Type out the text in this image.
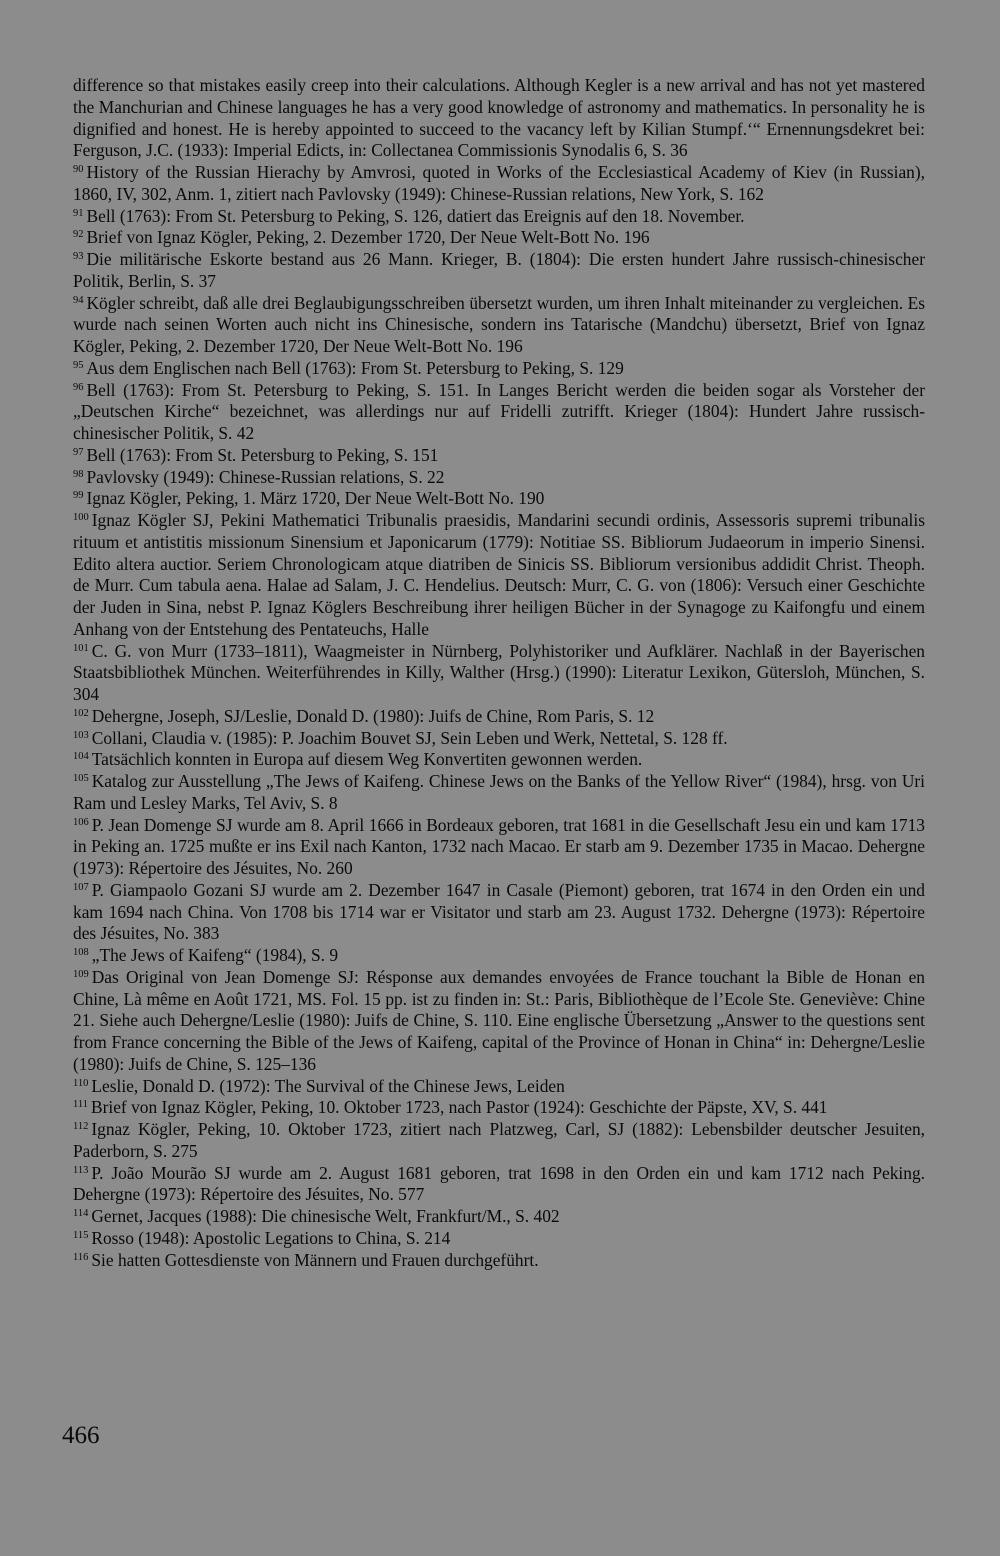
difference so that mistakes easily creep into their calculations. Although Kegler is a new arrival and has not yet mastered the Manchurian and Chinese languages he has a very good knowledge of astronomy and mathematics. In personality he is dignified and honest. He is hereby appointed to succeed to the vacancy left by Kilian Stumpf.‘“ Ernennungsdekret bei: Ferguson, J.C. (1933): Imperial Edicts, in: Collectanea Commissionis Synodalis 6, S. 36

$^{90}$ History of the Russian Hierachy by Amvrosi, quoted in Works of the Ecclesiastical Academy of Kiev (in Russian), 1860, IV, 302, Anm. 1, zitiert nach Pavlovsky (1949): Chinese-Russian relations, New York, S. 162

$^{91}$ Bell (1763): From St. Petersburg to Peking, S. 126, datiert das Ereignis auf den 18. November.

$^{92}$ Brief von Ignaz Kögler, Peking, 2. Dezember 1720, Der Neue Welt-Bott No. 196

$^{93}$ Die militärische Eskorte bestand aus 26 Mann. Krieger, B. (1804): Die ersten hundert Jahre russisch-chinesischer Politik, Berlin, S. 37

$^{94}$ Kögler schreibt, daß alle drei Beglaubigungsschreiben übersetzt wurden, um ihren Inhalt miteinander zu vergleichen. Es wurde nach seinen Worten auch nicht ins Chinesische, sondern ins Tatarische (Mandchu) übersetzt, Brief von Ignaz Kögler, Peking, 2. Dezember 1720, Der Neue Welt-Bott No. 196

$^{95}$ Aus dem Englischen nach Bell (1763): From St. Petersburg to Peking, S. 129

$^{96}$ Bell (1763): From St. Petersburg to Peking, S. 151. In Langes Bericht werden die beiden sogar als Vorsteher der „Deutschen Kirche“ bezeichnet, was allerdings nur auf Fridelli zutrifft. Krieger (1804): Hundert Jahre russisch-chinesischer Politik, S. 42

$^{97}$ Bell (1763): From St. Petersburg to Peking, S. 151

$^{98}$ Pavlovsky (1949): Chinese-Russian relations, S. 22

$^{99}$ Ignaz Kögler, Peking, 1. März 1720, Der Neue Welt-Bott No. 190

$^{100}$ Ignaz Kögler SJ, Pekini Mathematici Tribunalis praesidis, Mandarini secundi ordinis, Assessoris supremi tribunalis rituum et antistitis missionum Sinensium et Japonicarum (1779): Notitiae SS. Bibliorum Judaeorum in imperio Sinensi. Edito altera auctior. Seriem Chronologicam atque diatriben de Sinicis SS. Bibliorum versionibus addidit Christ. Theoph. de Murr. Cum tabula aena. Halae ad Salam, J. C. Hendelius. Deutsch: Murr, C. G. von (1806): Versuch einer Geschichte der Juden in Sina, nebst P. Ignaz Köglers Beschreibung ihrer heiligen Bücher in der Synagoge zu Kaifongfu und einem Anhang von der Entstehung des Pentateuchs, Halle

$^{101}$ C. G. von Murr (1733–1811), Waagmeister in Nürnberg, Polyhistoriker und Aufklärer. Nachlaß in der Bayerischen Staatsbibliothek München. Weiterführendes in Killy, Walther (Hrsg.) (1990): Literatur Lexikon, Gütersloh, München, S. 304

$^{102}$ Dehergne, Joseph, SJ/Leslie, Donald D. (1980): Juifs de Chine, Rom Paris, S. 12

$^{103}$ Collani, Claudia v. (1985): P. Joachim Bouvet SJ, Sein Leben und Werk, Nettetal, S. 128 ff.

$^{104}$ Tatsächlich konnten in Europa auf diesem Weg Konvertiten gewonnen werden.

$^{105}$ Katalog zur Ausstellung „The Jews of Kaifeng. Chinese Jews on the Banks of the Yellow River“ (1984), hrsg. von Uri Ram und Lesley Marks, Tel Aviv, S. 8

$^{106}$ P. Jean Domenge SJ wurde am 8. April 1666 in Bordeaux geboren, trat 1681 in die Gesellschaft Jesu ein und kam 1713 in Peking an. 1725 mußte er ins Exil nach Kanton, 1732 nach Macao. Er starb am 9. Dezember 1735 in Macao. Dehergne (1973): Répertoire des Jésuites, No. 260

$^{107}$ P. Giampaolo Gozani SJ wurde am 2. Dezember 1647 in Casale (Piemont) geboren, trat 1674 in den Orden ein und kam 1694 nach China. Von 1708 bis 1714 war er Visitator und starb am 23. August 1732. Dehergne (1973): Répertoire des Jésuites, No. 383

$^{108}$ „The Jews of Kaifeng“ (1984), S. 9

$^{109}$ Das Original von Jean Domenge SJ: Résponse aux demandes envoyées de France touchant la Bible de Honan en Chine, Là même en Août 1721, MS. Fol. 15 pp. ist zu finden in: St.: Paris, Bibliothèque de l’Ecole Ste. Geneviève: Chine 21. Siehe auch Dehergne/Leslie (1980): Juifs de Chine, S. 110. Eine englische Übersetzung „Answer to the questions sent from France concerning the Bible of the Jews of Kaifeng, capital of the Province of Honan in China“ in: Dehergne/Leslie (1980): Juifs de Chine, S. 125–136

$^{110}$ Leslie, Donald D. (1972): The Survival of the Chinese Jews, Leiden

$^{111}$ Brief von Ignaz Kögler, Peking, 10. Oktober 1723, nach Pastor (1924): Geschichte der Päpste, XV, S. 441

$^{112}$ Ignaz Kögler, Peking, 10. Oktober 1723, zitiert nach Platzweg, Carl, SJ (1882): Lebensbilder deutscher Jesuiten, Paderborn, S. 275

$^{113}$ P. João Mourão SJ wurde am 2. August 1681 geboren, trat 1698 in den Orden ein und kam 1712 nach Peking. Dehergne (1973): Répertoire des Jésuites, No. 577

$^{114}$ Gernet, Jacques (1988): Die chinesische Welt, Frankfurt/M., S. 402

$^{115}$ Rosso (1948): Apostolic Legations to China, S. 214

$^{116}$ Sie hatten Gottesdienste von Männern und Frauen durchgeführt.

466
